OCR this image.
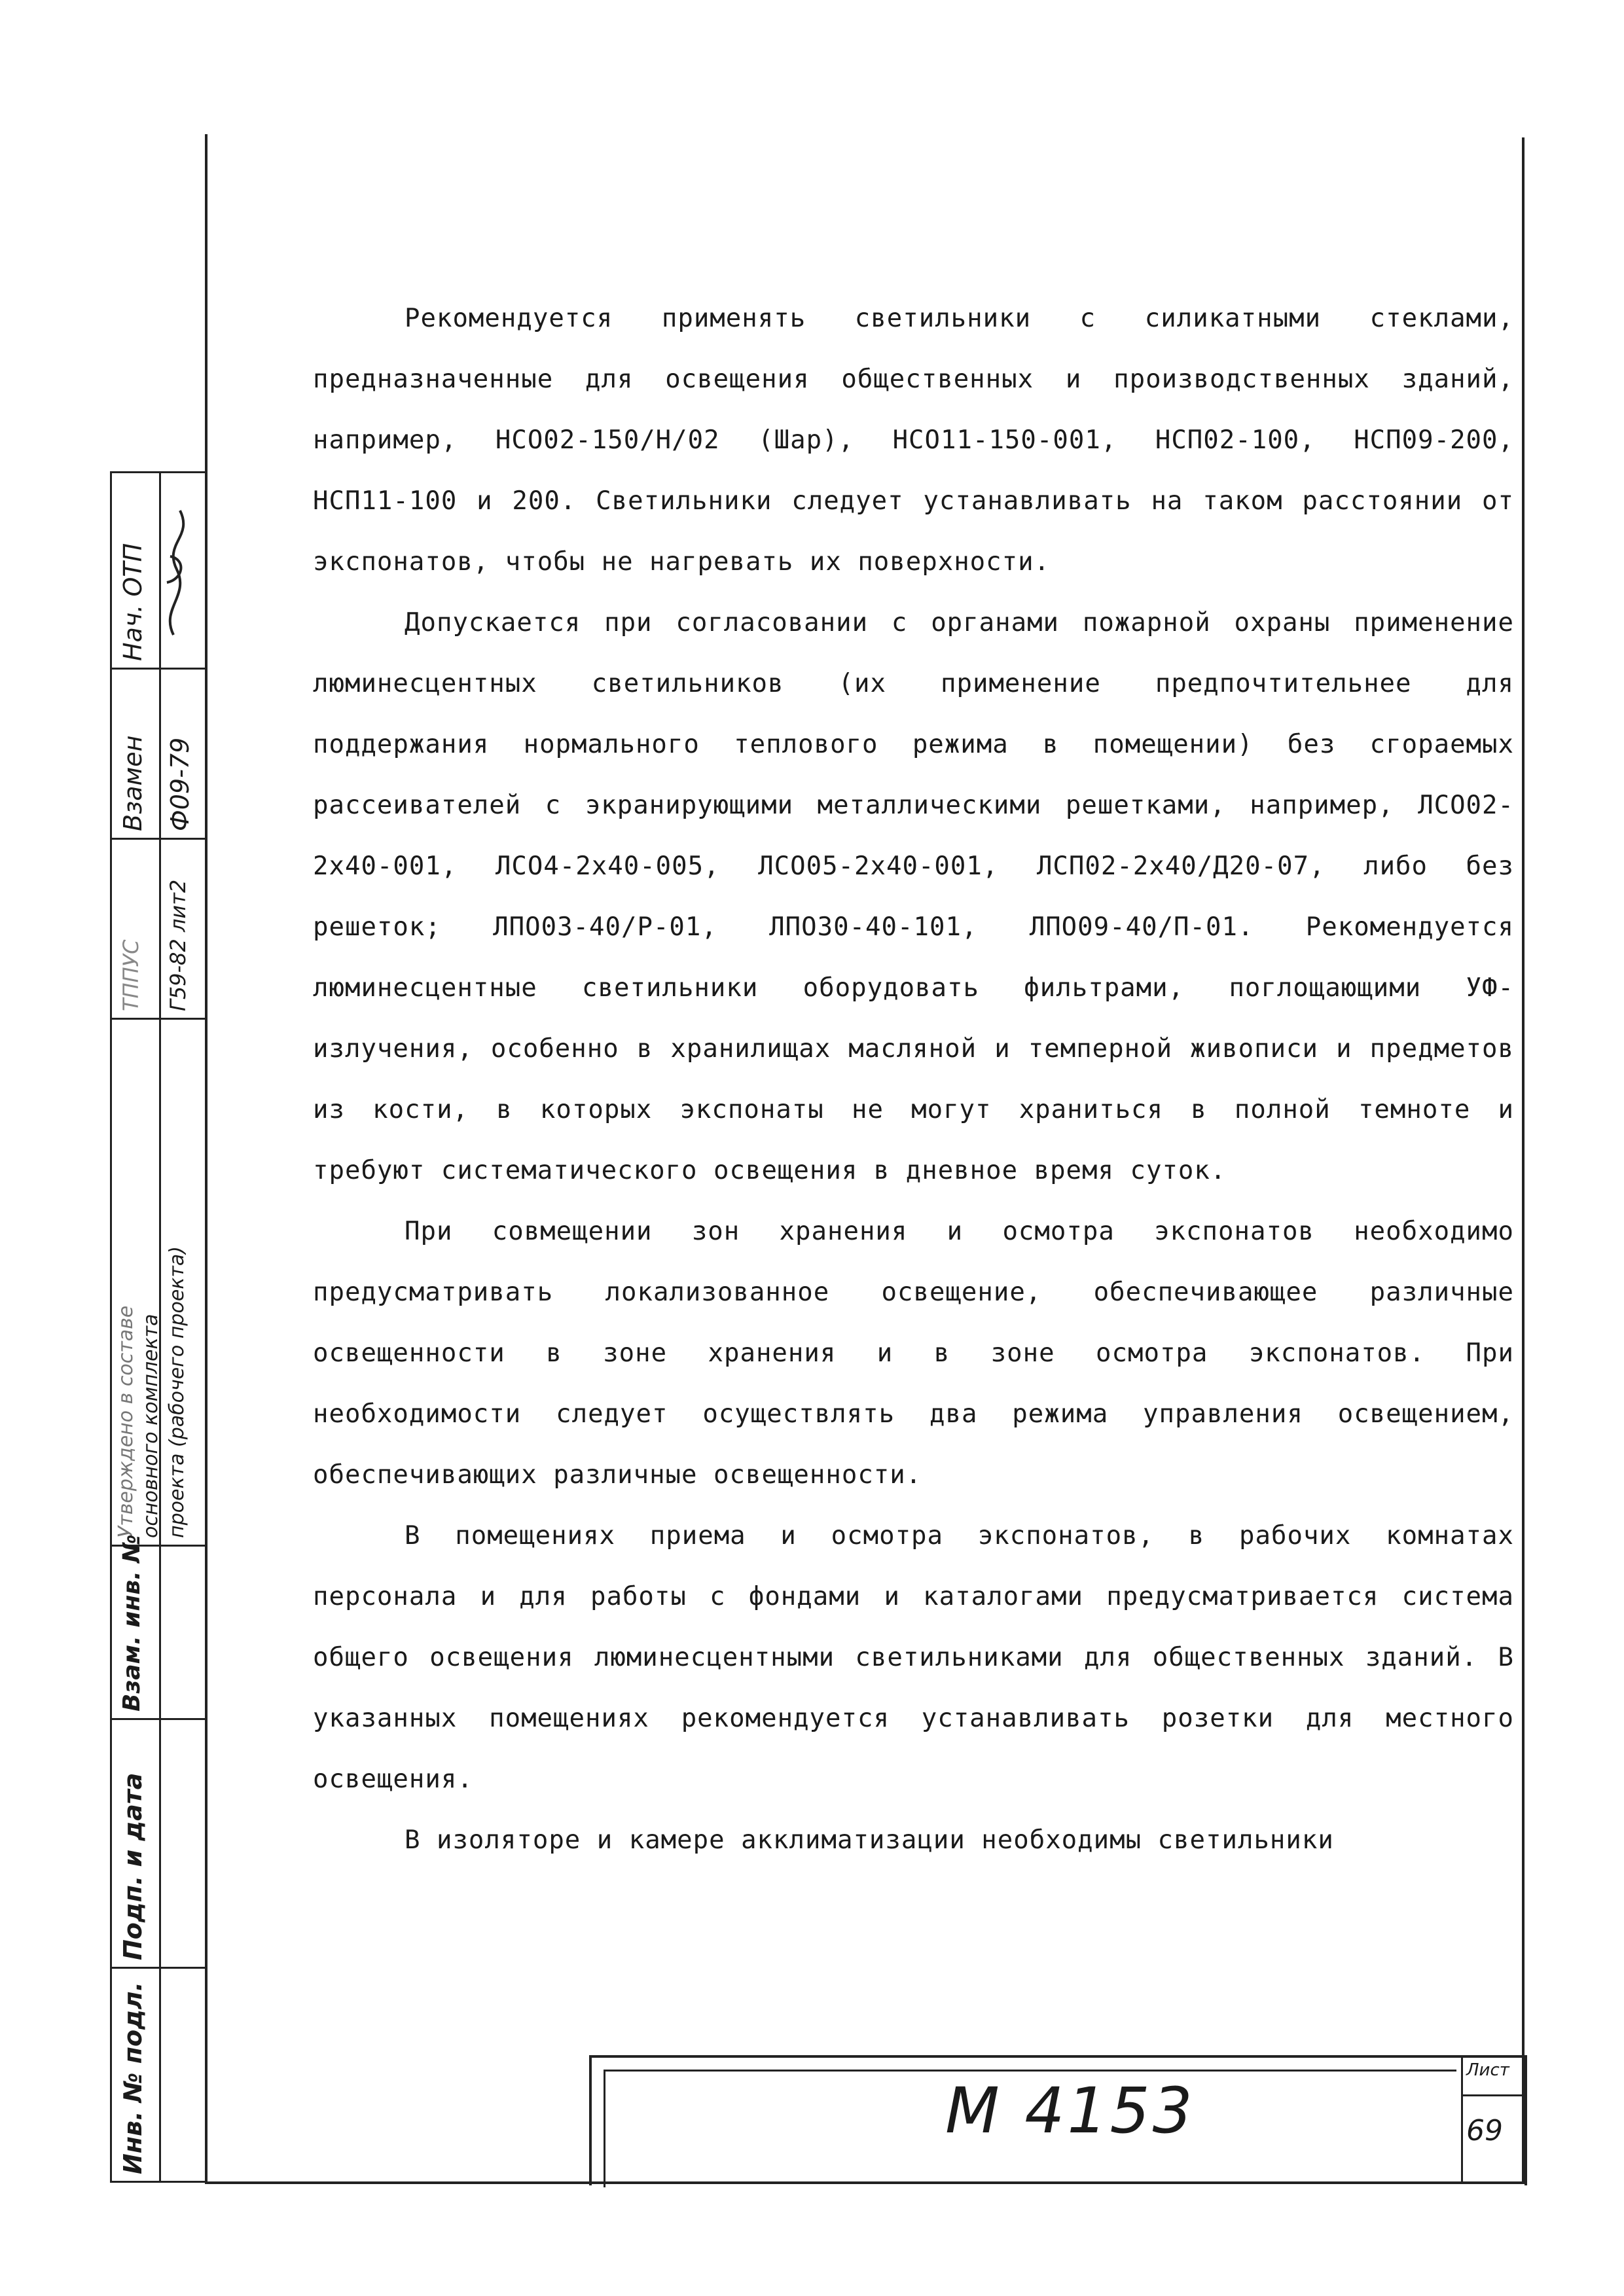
Нач. ОТП
Взамен Ф09-79
ТППУС Г59-82 лит2
Утверждено в составе основного комплекта проекта (рабочего проекта)
Взам. инв. №
Подп. и дата
Инв. № подл.

Рекомендуется применять светильники с силикатными стеклами, предназначенные для освещения общественных и производственных зданий, например, НСО02-150/Н/02 (Шар), НСО11-150-001, НСП02-100, НСП09-200, НСП11-100 и 200. Светильники следует устанавливать на таком расстоянии от экспонатов, чтобы не нагревать их поверхности.

Допускается при согласовании с органами пожарной охраны применение люминесцентных светильников (их применение предпочтительнее для поддержания нормального теплового режима в помещении) без сгораемых рассеивателей с экранирующими металлическими решетками, например, ЛСО02-2х40-001, ЛСО4-2х40-005, ЛСО05-2х40-001, ЛСП02-2х40/Д20-07, либо без решеток; ЛПО03-40/Р-01, ЛПО30-40-101, ЛПО09-40/П-01. Рекомендуется люминесцентные светильники оборудовать фильтрами, поглощающими УФ-излучения, особенно в хранилищах масляной и темперной живописи и предметов из кости, в которых экспонаты не могут храниться в полной темноте и требуют систематического освещения в дневное время суток.

При совмещении зон хранения и осмотра экспонатов необходимо предусматривать локализованное освещение, обеспечивающее различные освещенности в зоне хранения и в зоне осмотра экспонатов. При необходимости следует осуществлять два режима управления освещением, обеспечивающих различные освещенности.

В помещениях приема и осмотра экспонатов, в рабочих комнатах персонала и для работы с фондами и каталогами предусматривается система общего освещения люминесцентными светильниками для общественных зданий. В указанных помещениях рекомендуется устанавливать розетки для местного освещения.

В изоляторе и камере акклиматизации необходимы светильники

М 4153
Лист
69
